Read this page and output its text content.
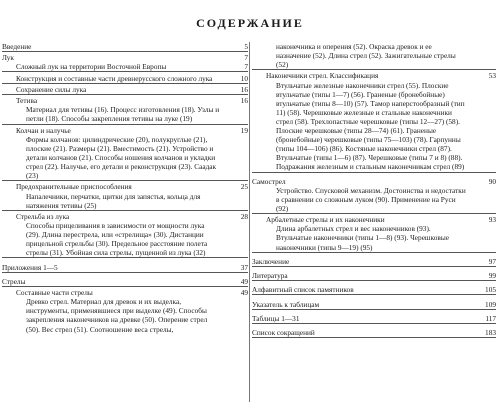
СОДЕРЖАНИЕ
Введение	5
Лук	7
Сложный лук на территории Восточной Европы	7
Конструкция и составные части древнерусского сложного лука	10
Сохранение силы лука	16
Тетива	16
Материал для тетивы (16). Процесс изготовления (18). Узлы и петли (18). Способы закрепления тетивы на луке (19)
Колчан и налучье	19
Формы колчанов: цилиндрические (20), полукруглые (21), плоские (21). Размеры (21). Вместимость (21). Устройство и детали колчанов (21). Способы ношения колчанов и укладки стрел (22). Налучье, его детали и реконструкция (23). Саадак (23)
Предохранительные приспособления	25
Напалечники, перчатки, щитки для запястья, кольца для натяжения тетивы (25)
Стрельба из лука	28
Способы прицеливания в зависимости от мощности лука (29). Длина перестрела, или «стрелища» (30). Дистанции прицельной стрельбы (30). Предельное расстояние полета стрелы (31). Убойная сила стрелы, пущенной из лука (32)
Приложения 1—5	37
Стрелы	49
Составные части стрелы	49
Древко стрел. Материал для древок и их выделка, инструменты, применявшиеся при выделке (49). Способы закрепления наконечников на древке (50). Оперение стрел (50). Вес стрел (51). Соотношение веса стрелы,
наконечника и оперения (52). Окраска древок и ее назначение (52). Длина стрел (52). Зажигательные стрелы (52)
Наконечники стрел. Классификация	53
Втульчатые железные наконечники стрел (55). Плоские втульчатые (типы 1—7) (56). Граненые (бронебойные) втульчатые (типы 8—10) (57). Тамор наперстообразный (тип 11) (58). Черешковые железные и стальные наконечники стрел (58). Трехлопастные черешковые (типы 12—27) (58). Плоские черешковые (типы 28—74) (61). Граненые (бронебойные) черешковые (типы 75—103) (78). Гарпунны (типы 104—106) (86). Костяные наконечники стрел (87). Втульчатые (типы 1—6) (87). Черешковые (типы 7 и 8) (88). Подражания железным и стальным наконечникам стрел (89)
Самострел	90
Устройство. Спусковой механизм. Достоинства и недостатки в сравнении со сложным луком (90). Применение на Руси (92)
Арбалетные стрелы и их наконечники	93
Длина арбалетных стрел и вес наконечников (93). Втульчатые наконечники (типы 1—8) (93). Черешковые наконечники (типы 9—19) (95)
Заключение	97
Литература	99
Алфавитный список памятников	105
Указатель к таблицам	109
Таблицы 1—31	117
Список сокращений	183
